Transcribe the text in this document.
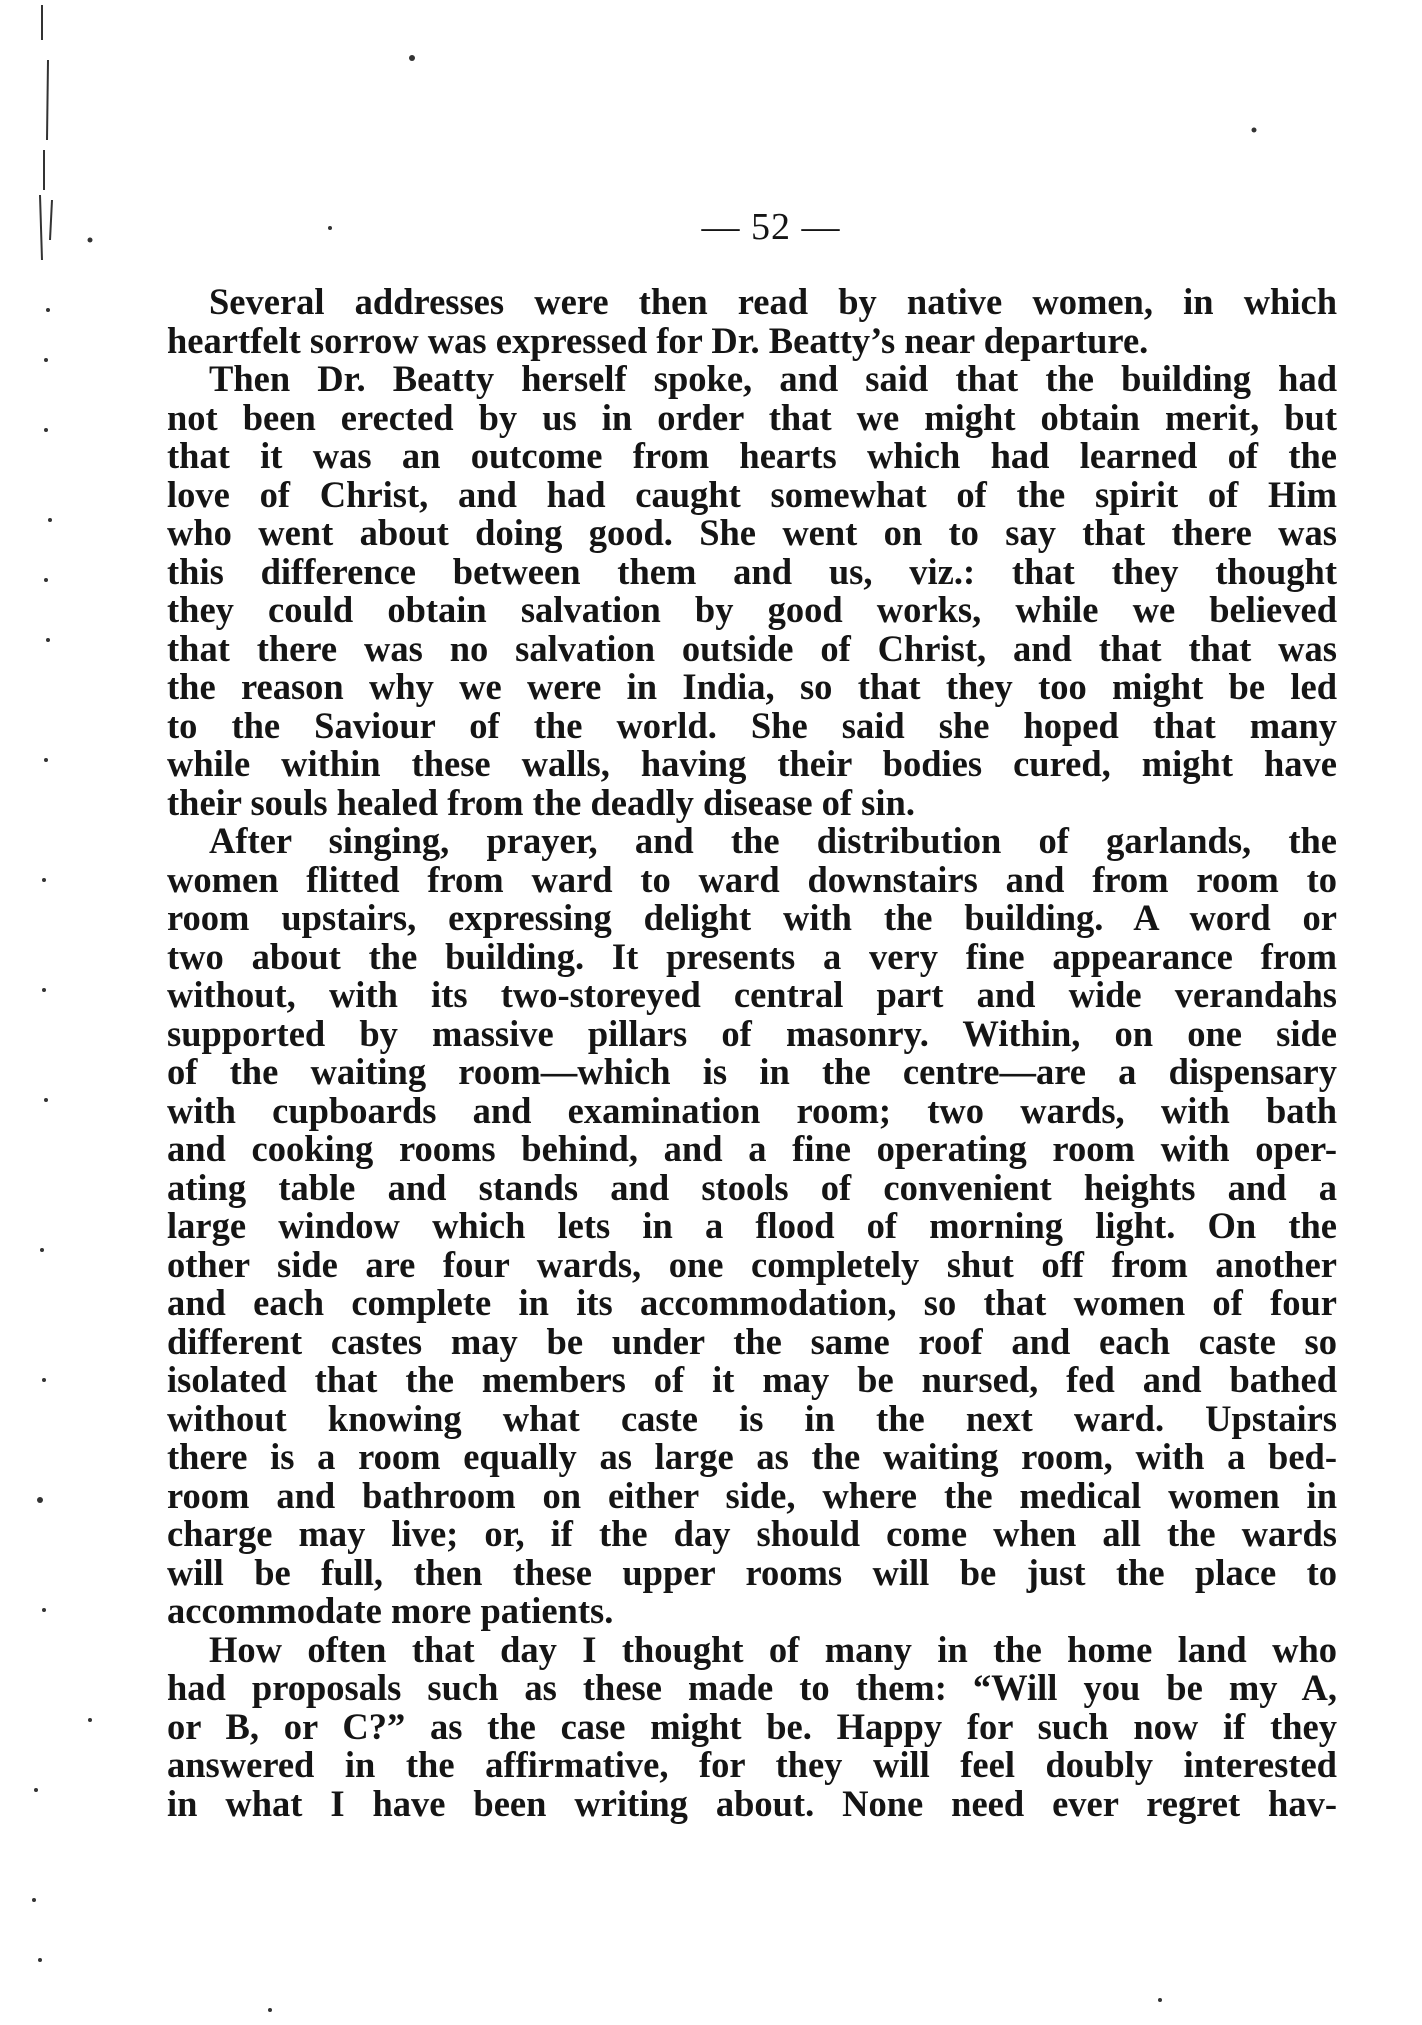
— 52 —
Several addresses were then read by native women, in which
heartfelt sorrow was expressed for Dr. Beatty’s near departure.
Then Dr. Beatty herself spoke, and said that the building had
not been erected by us in order that we might obtain merit, but
that it was an outcome from hearts which had learned of the
love of Christ, and had caught somewhat of the spirit of Him
who went about doing good. She went on to say that there was
this difference between them and us, viz.: that they thought
they could obtain salvation by good works, while we believed
that there was no salvation outside of Christ, and that that was
the reason why we were in India, so that they too might be led
to the Saviour of the world. She said she hoped that many
while within these walls, having their bodies cured, might have
their souls healed from the deadly disease of sin.
After singing, prayer, and the distribution of garlands, the
women flitted from ward to ward downstairs and from room to
room upstairs, expressing delight with the building. A word or
two about the building. It presents a very fine appearance from
without, with its two-storeyed central part and wide verandahs
supported by massive pillars of masonry. Within, on one side
of the waiting room—which is in the centre—are a dispensary
with cupboards and examination room; two wards, with bath
and cooking rooms behind, and a fine operating room with oper-
ating table and stands and stools of convenient heights and a
large window which lets in a flood of morning light. On the
other side are four wards, one completely shut off from another
and each complete in its accommodation, so that women of four
different castes may be under the same roof and each caste so
isolated that the members of it may be nursed, fed and bathed
without knowing what caste is in the next ward. Upstairs
there is a room equally as large as the waiting room, with a bed-
room and bathroom on either side, where the medical women in
charge may live; or, if the day should come when all the wards
will be full, then these upper rooms will be just the place to
accommodate more patients.
How often that day I thought of many in the home land who
had proposals such as these made to them: “Will you be my A,
or B, or C?” as the case might be. Happy for such now if they
answered in the affirmative, for they will feel doubly interested
in what I have been writing about. None need ever regret hav-
